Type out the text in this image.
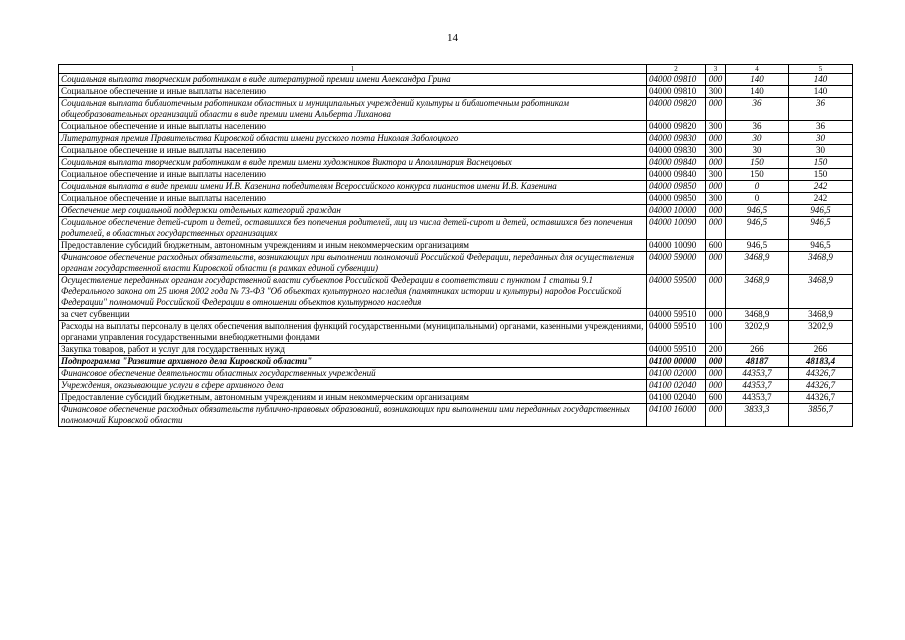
14
1	2	3	4	5
Социальная выплата творческим работникам в виде литературной премии имени Александра Грина	04000 09810	000	140	140
Социальное обеспечение и иные выплаты населению	04000 09810	300	140	140
Социальная выплата библиотечным работникам областных и муниципальных учреждений культуры и библиотечным работникам общеобразовательных организаций области в виде премии имени Альберта Лиханова	04000 09820	000	36	36
Социальное обеспечение и иные выплаты населению	04000 09820	300	36	36
Литературная премия Правительства Кировской области имени русского поэта Николая Заболоцкого	04000 09830	000	30	30
Социальное обеспечение и иные выплаты населению	04000 09830	300	30	30
Социальная выплата творческим работникам в виде премии имени художников Виктора и Аполлинария Васнецовых	04000 09840	000	150	150
Социальное обеспечение и иные выплаты населению	04000 09840	300	150	150
Социальная выплата в виде премии имени И.В. Казенина победителям Всероссийского конкурса пианистов имени И.В. Казенина	04000 09850	000	0	242
Социальное обеспечение и иные выплаты населению	04000 09850	300	0	242
Обеспечение мер социальной поддержки отдельных категорий граждан	04000 10000	000	946,5	946,5
Социальное обеспечение детей-сирот и детей, оставшихся без попечения родителей, лиц из числа детей-сирот и детей, оставшихся без попечения родителей, в областных государственных организациях	04000 10090	000	946,5	946,5
Предоставление субсидий бюджетным, автономным учреждениям и иным некоммерческим организациям	04000 10090	600	946,5	946,5
Финансовое обеспечение расходных обязательств, возникающих при выполнении полномочий Российской Федерации, переданных для осуществления органам государственной власти Кировской области (в рамках единой субвенции)	04000 59000	000	3468,9	3468,9
Осуществление переданных органам государственной власти субъектов Российской Федерации в соответствии с пунктом 1 статьи 9.1 Федерального закона от 25 июня 2002 года № 73-ФЗ "Об объектах культурного наследия (памятниках истории и культуры) народов Российской Федерации" полномочий Российской Федерации в отношении объектов культурного наследия	04000 59500	000	3468,9	3468,9
за счет субвенции	04000 59510	000	3468,9	3468,9
Расходы на выплаты персоналу в целях обеспечения выполнения функций государственными (муниципальными) органами, казенными учреждениями, органами управления государственными внебюджетными фондами	04000 59510	100	3202,9	3202,9
Закупка товаров, работ и услуг для государственных нужд	04000 59510	200	266	266
Подпрограмма "Развитие архивного дела Кировской области"	04100 00000	000	48187	48183,4
Финансовое обеспечение деятельности областных государственных учреждений	04100 02000	000	44353,7	44326,7
Учреждения, оказывающие услуги в сфере архивного дела	04100 02040	000	44353,7	44326,7
Предоставление субсидий бюджетным, автономным учреждениям и иным некоммерческим организациям	04100 02040	600	44353,7	44326,7
Финансовое обеспечение расходных обязательств публично-правовых образований, возникающих при выполнении ими переданных государственных полномочий Кировской области	04100 16000	000	3833,3	3856,7
